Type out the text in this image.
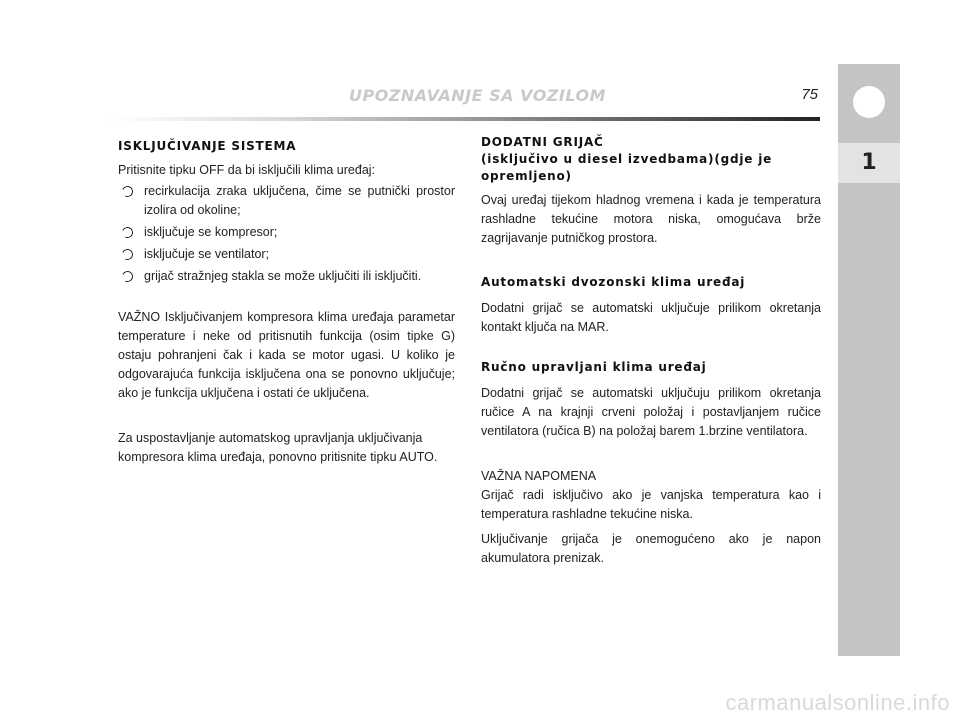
UPOZNAVANJE SA VOZILOM	75
1

ISKLJUČIVANJE SISTEMA

Pritisnite tipku OFF da bi isključili klima uređaj:

recirkulacija zraka uključena, čime se putnički prostor izolira od okoline;
isključuje se kompresor;
isključuje se ventilator;
grijač stražnjeg stakla se može uključiti ili isključiti.

VAŽNO Isključivanjem kompresora klima uređaja parametar temperature i neke od pritisnutih funkcija (osim tipke G) ostaju pohranjeni čak i kada se motor ugasi. U koliko je odgovarajuća funkcija isključena ona se ponovno uključuje; ako je funkcija uključena i ostati će uključena.

Za uspostavljanje automatskog upravljanja uključivanja kompresora klima uređaja, ponovno pritisnite tipku AUTO.

DODATNI GRIJAČ

(isključivo u diesel izvedbama)(gdje je opremljeno)

Ovaj uređaj tijekom hladnog vremena i kada je temperatura rashladne tekućine motora niska, omogućava brže zagrijavanje putničkog prostora.

Automatski dvozonski klima uređaj

Dodatni grijač se automatski uključuje prilikom okretanja kontakt ključa na MAR.

Ručno upravljani klima uređaj

Dodatni grijač se automatski uključuju prilikom okretanja ručice A na krajnji crveni položaj i postavljanjem ručice ventilatora (ručica B) na položaj barem 1.brzine ventilatora.

VAŽNA NAPOMENA

Grijač radi isključivo ako je vanjska temperatura kao i temperatura rashladne tekućine niska.

Uključivanje grijača je onemogućeno ako je napon akumulatora prenizak.

carmanualsonline.info
